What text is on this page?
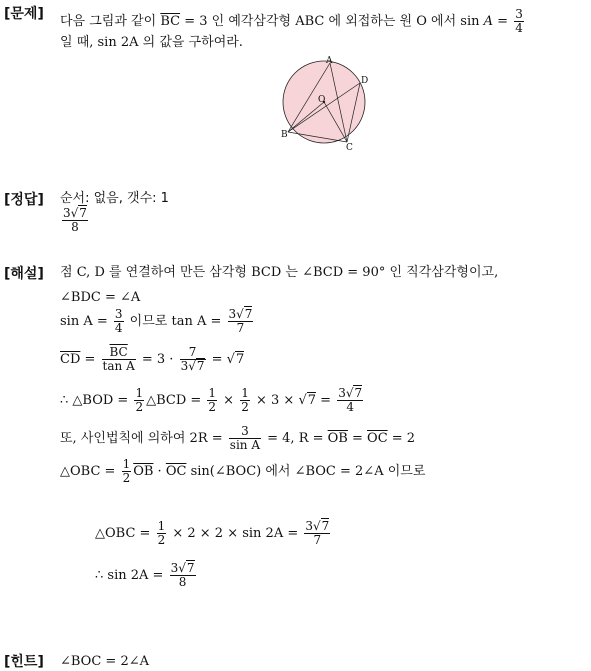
[문제] 다음 그림과 같이 $\overline{BC} = 3$ 인 예각삼각형 ABC 에 외접하는 원 O 에서 $\sin A = \frac{3}{4}$
일 때, sin 2A 의 값을 구하여라.
A
D
O
B
C
[정답] 순서: 없음, 갯수: 1
$\frac{3√7}{8}$
[해설] 점 C, D 를 연결하여 만든 삼각형 BCD 는 ∠BCD = 90° 인 직각삼각형이고,
∠BDC = ∠A
$\sin A = \frac{3}{4}$ 이므로 $\tan A = \frac{3√7}{7}$
$\overline{CD} = \frac{\overline{BC}}{\text{tan A}} = 3 \cdot \frac{7}{3√7} = √7$
∴ △BOD = $\frac{1}{2}$ △BCD = $\frac{1}{2} \times \frac{1}{2} \times 3 \times √7 = \frac{3√7}{4}$
또, 사인법칙에 의하여 $2R = \frac{3}{\text{sin A}} = 4$, $R = \overline{OB} = \overline{OC} = 2$
△OBC = $\frac{1}{2} \overline{OB} \cdot \overline{OC}$ sin(∠BOC) 에서 ∠BOC = 2∠A 이므로
△OBC = $\frac{1}{2} \times 2 \times 2 \times \sin 2A = \frac{3√7}{7}$
∴ $\sin 2A = \frac{3√7}{8}$
[힌트] ∠BOC = 2∠A
